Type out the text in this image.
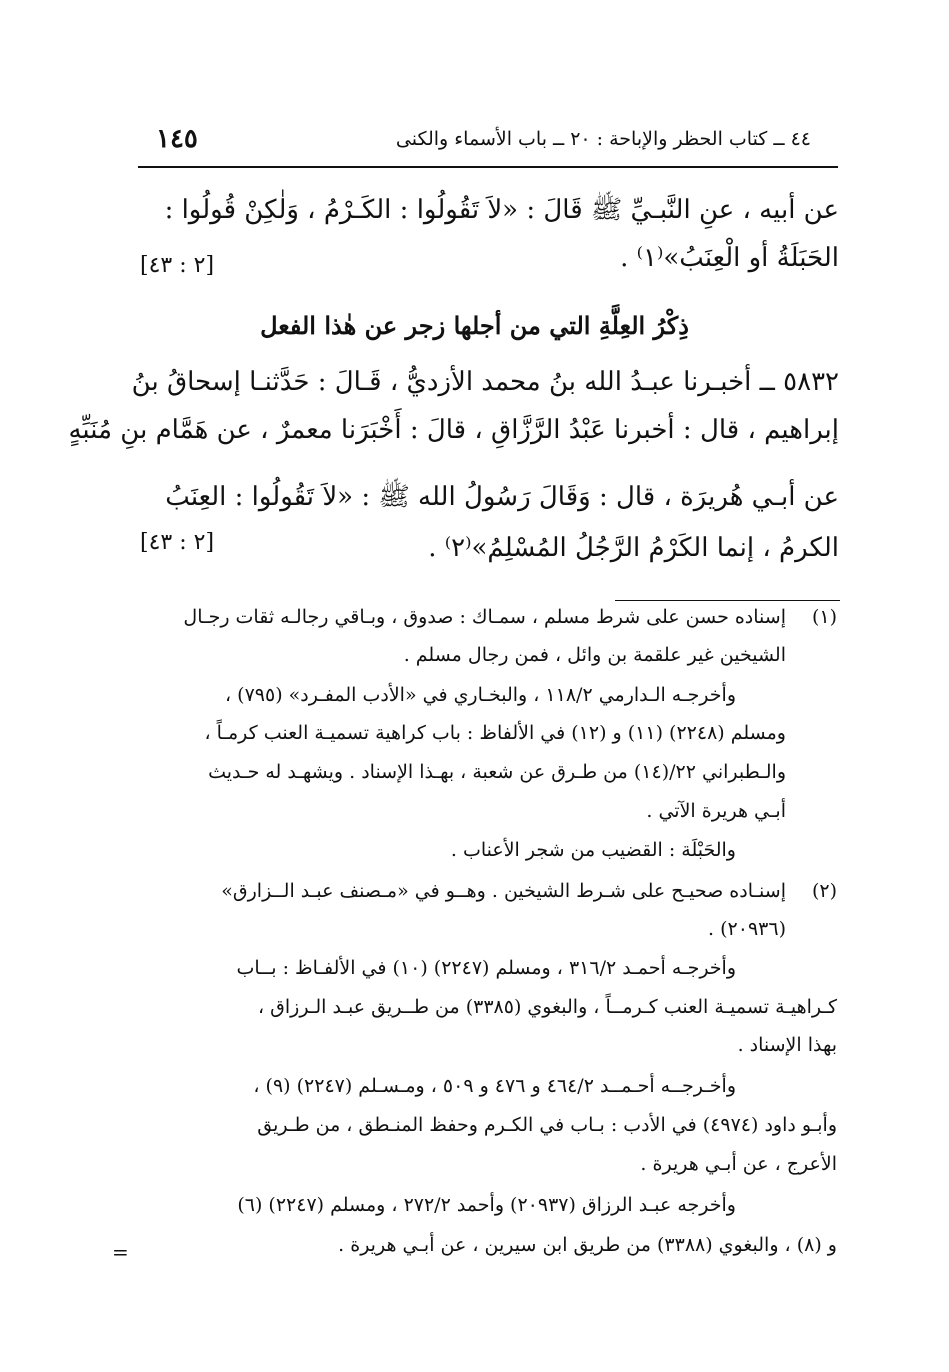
٤٤ ــ كتاب الحظر والإباحة : ٢٠ ــ باب الأسماء والكنى
١٤٥
عن أبيه ، عنِ النَّبـيِّ ﷺ قَالَ : «لاَ تَقُولُوا : الكَـرْمُ ، وَلٰكِنْ قُولُوا :
الحَبَلَةُ أو الْعِنَبُ»⁽١⁾ .
[٢ : ٤٣]
ذِكْرُ العِلَّةِ التي من أجلها زجر عن هٰذا الفعل
٥٨٣٢ ــ أخبـرنا عبـدُ الله بنُ محمد الأزديُّ ، قَـالَ : حَدَّثنـا إسحاقُ بنُ
إبراهيم ، قال : أخبرنا عَبْدُ الرَّزَّاقِ ، قالَ : أَخْبَرَنا معمرٌ ، عن هَمَّام بنِ مُنَبِّهٍ
عن أبـي هُريرَة ، قال : وَقَالَ رَسُولُ الله ﷺ : «لاَ تَقُولُوا : العِنَبُ
الكرمُ ، إنما الكَرْمُ الرَّجُلُ المُسْلِمُ»⁽٢⁾ .
[٢ : ٤٣]
(١)
إسناده حسن على شرط مسلم ، سمـاك : صدوق ، وبـاقي رجالـه ثقات رجـال
الشيخين غير علقمة بن وائل ، فمن رجال مسلم .
وأخرجـه الـدارمي ١١٨/٢ ، والبخـاري في «الأدب المفـرد» (٧٩٥) ،
ومسلم (٢٢٤٨) (١١) و (١٢) في الألفاظ : باب كراهية تسميـة العنب كرمـاً ،
والـطبراني ٢٢/(١٤) من طـرق عن شعبة ، بهـذا الإسناد . ويشهـد له حـديث
أبـي هريرة الآتي .
والحَبْلَة : القضيب من شجر الأعناب .
(٢)
إسنـاده صحيـح على شـرط الشيخين . وهــو في «مـصنف عبـد الــزارق»
(٢٠٩٣٦) .
وأخرجـه أحمـد ٣١٦/٢ ، ومسلم (٢٢٤٧) (١٠) في الألفـاظ : بــاب
كـراهيـة تسميـة العنب كـرمــاً ، والبغوي (٣٣٨٥) من طــريق عبـد الـرزاق ،
بهذا الإسناد .
وأخـرجــه أحـمــد ٤٦٤/٢ و ٤٧٦ و ٥٠٩ ، ومـسـلم (٢٢٤٧) (٩) ،
وأبـو داود (٤٩٧٤) في الأدب : بـاب في الكـرم وحفظ المنـطق ، من طـريق
الأعرج ، عن أبـي هريرة .
وأخرجه عبـد الرزاق (٢٠٩٣٧) وأحمد ٢٧٢/٢ ، ومسلم (٢٢٤٧) (٦)
و (٨) ، والبغوي (٣٣٨٨) من طريق ابن سيرين ، عن أبـي هريرة .
=
